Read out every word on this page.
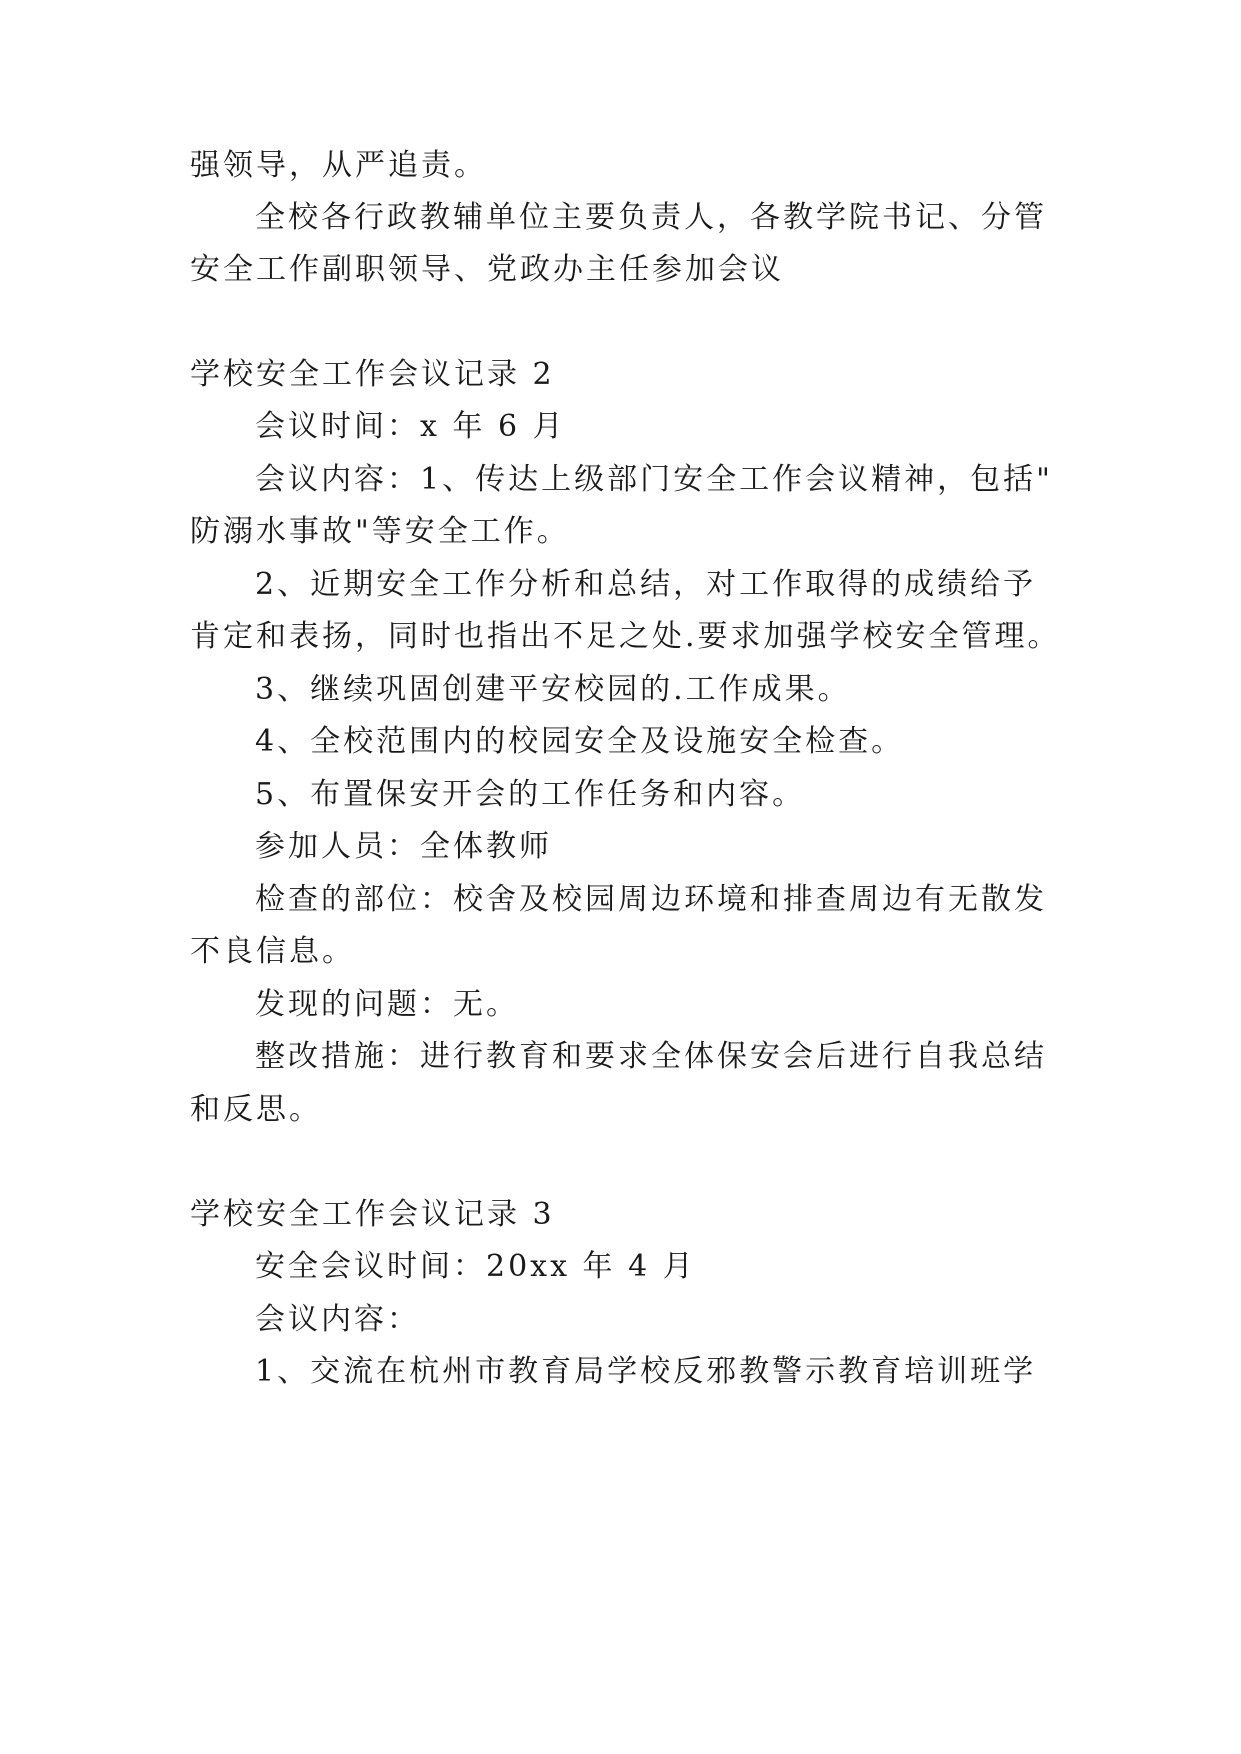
强领导，从严追责。
全校各行政教辅单位主要负责人，各教学院书记、分管
安全工作副职领导、党政办主任参加会议
学校安全工作会议记录 2
会议时间：x 年 6 月
会议内容：1、传达上级部门安全工作会议精神，包括"
防溺水事故"等安全工作。
2、近期安全工作分析和总结，对工作取得的成绩给予
肯定和表扬，同时也指出不足之处.要求加强学校安全管理。
3、继续巩固创建平安校园的.工作成果。
4、全校范围内的校园安全及设施安全检查。
5、布置保安开会的工作任务和内容。
参加人员：全体教师
检查的部位：校舍及校园周边环境和排查周边有无散发
不良信息。
发现的问题：无。
整改措施：进行教育和要求全体保安会后进行自我总结
和反思。
学校安全工作会议记录 3
安全会议时间：20xx 年 4 月
会议内容：
1、交流在杭州市教育局学校反邪教警示教育培训班学
